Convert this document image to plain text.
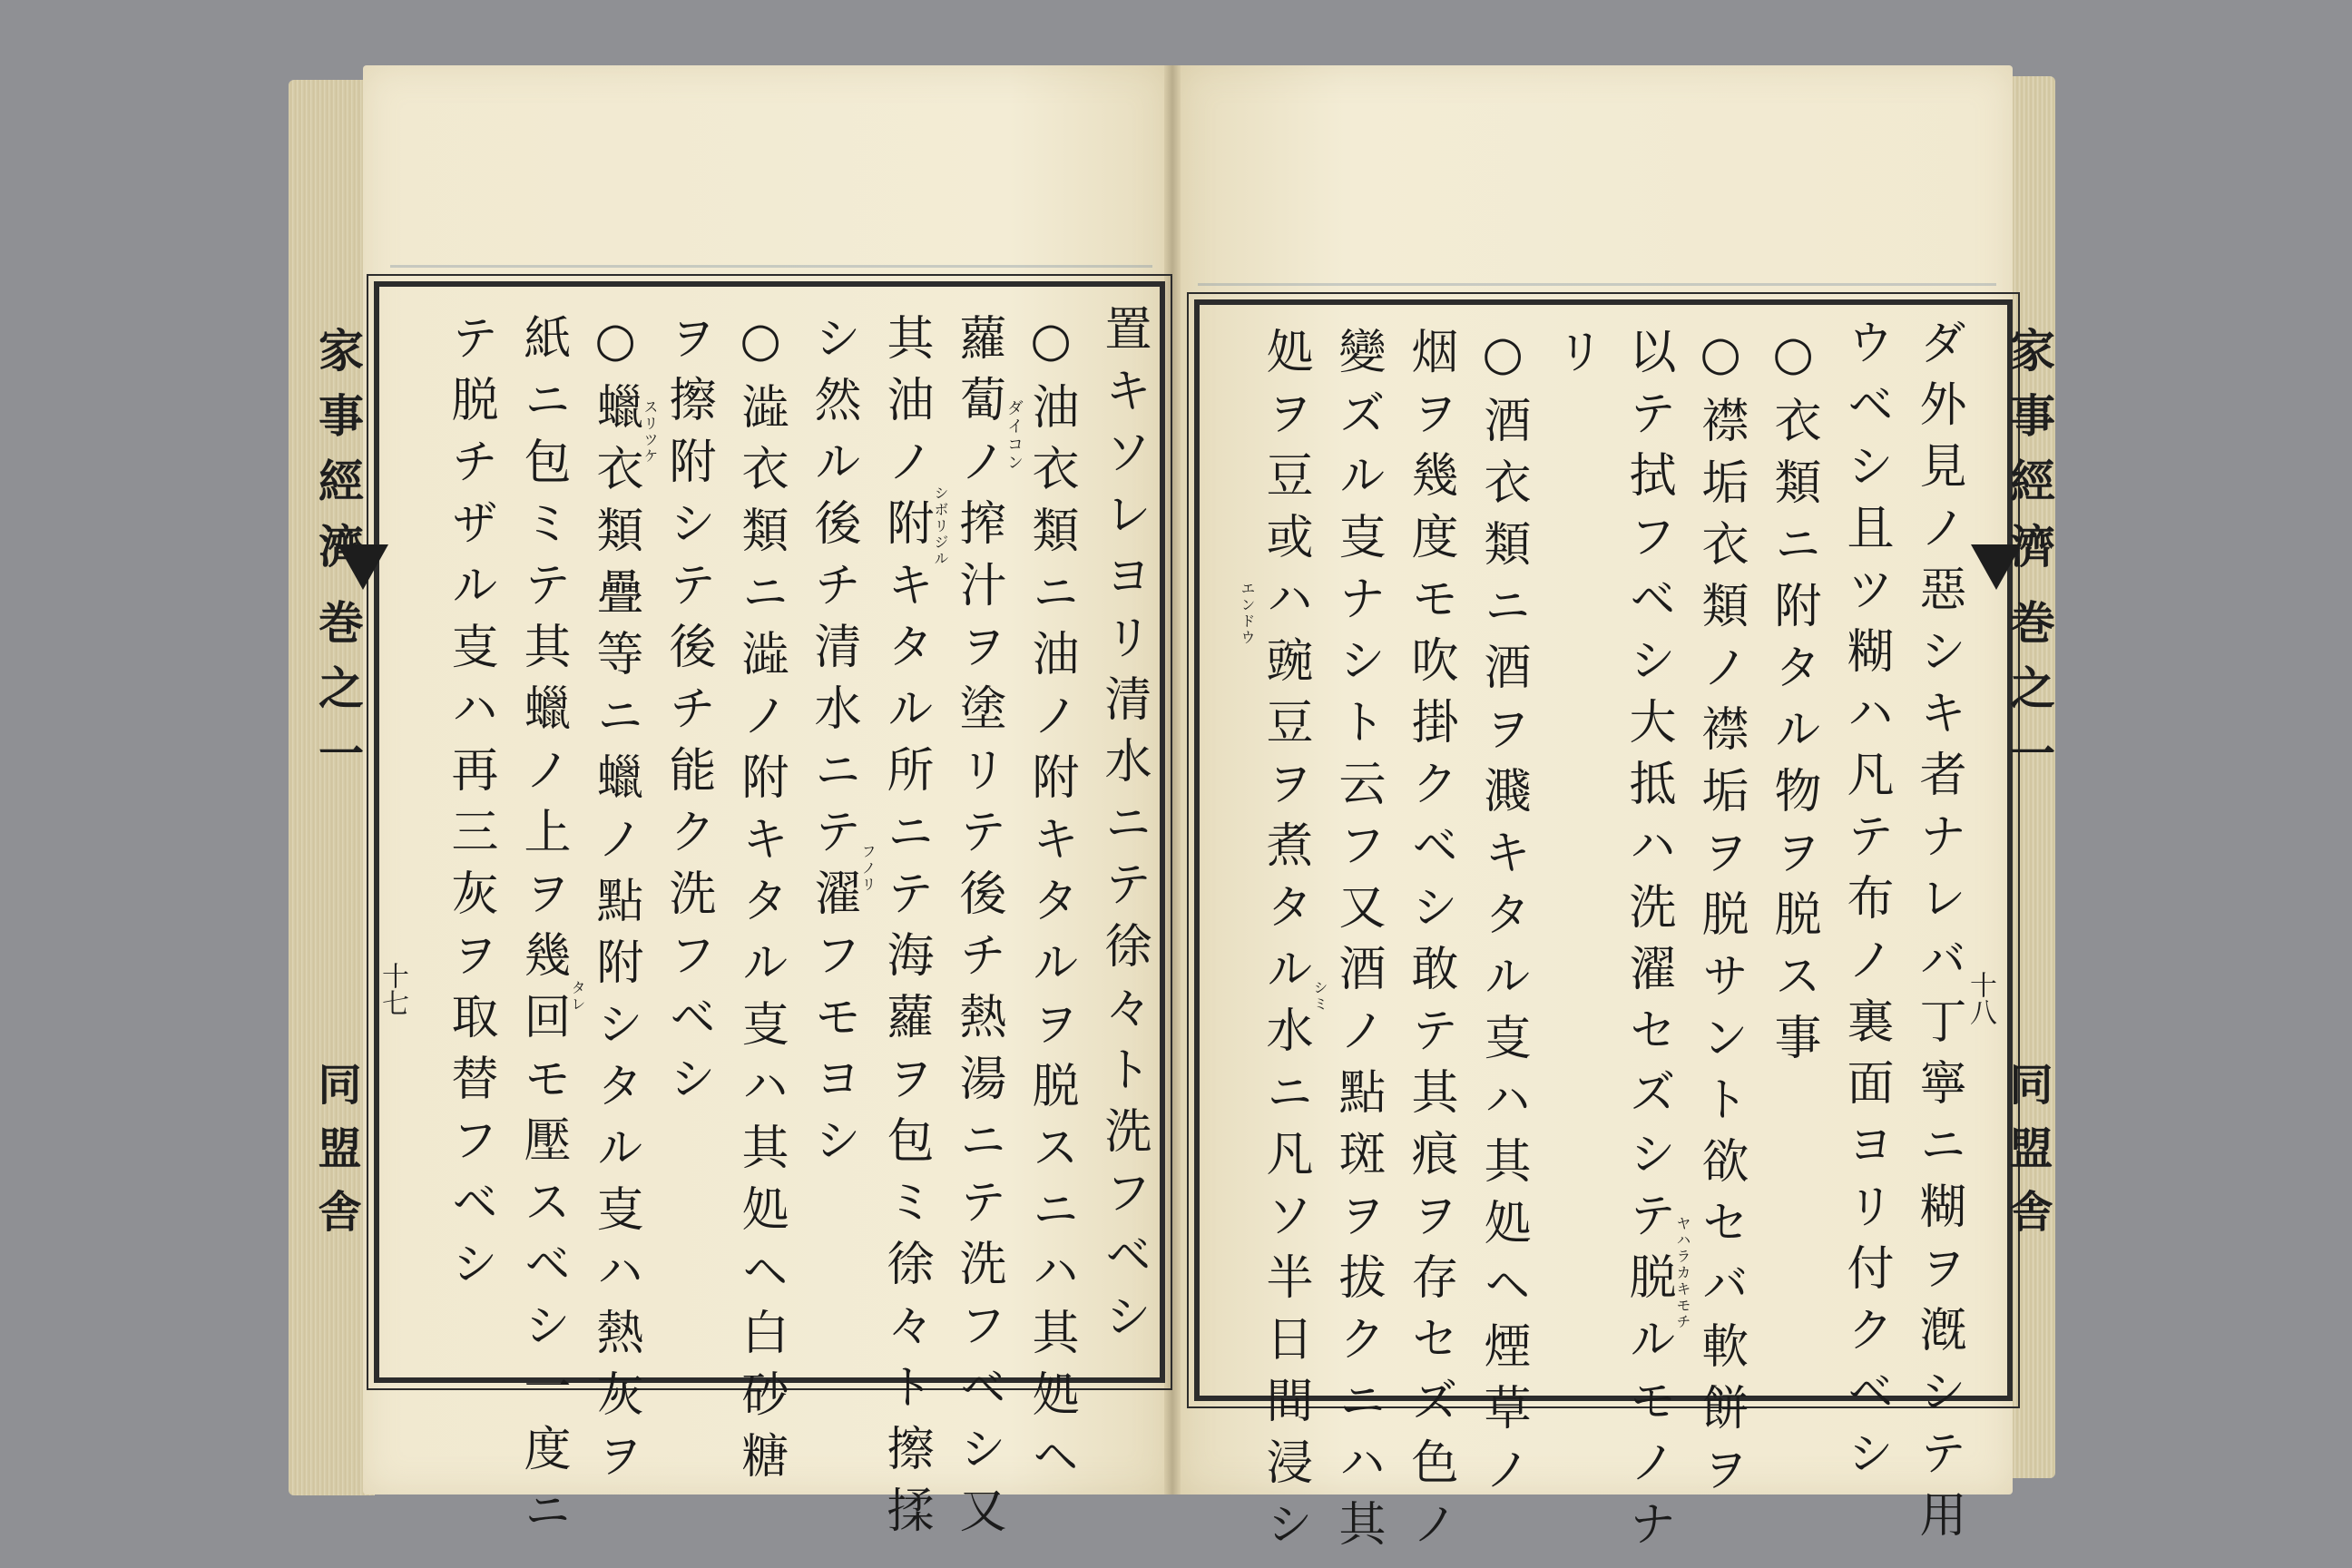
家事經濟
巻之一
十七
同盟舎	置キソレヨリ清水ニテ徐々ト洗フベシ
○油衣類ニ油ノ附キタルヲ脱スニハ其処ヘ
蘿蔔ノ搾汁ヲ塗リテ後チ熱湯ニテ洗フベシ又
其油ノ附キタル所ニテ海蘿ヲ包ミ徐々ト擦揉
シ然ル後チ清水ニテ濯フモヨシ
○澁衣類ニ澁ノ附キタル㕝ハ其処ヘ白砂糖
ヲ擦附シテ後チ能ク洗フベシ
○蠟衣類疊等ニ蠟ノ點附シタル㕝ハ熱灰ヲ
紙ニ包ミテ其蠟ノ上ヲ幾回モ壓スベシ一度ニ
テ脱チザル㕝ハ再三灰ヲ取替フベシ	ダイコン
シボリジル
フノリ
スリツケ
タレ
家事經濟
巻之一
十八
同盟舎
ダ外見ノ惡シキ者ナレバ丁寧ニ糊ヲ漑シテ用
ウベシ且ツ糊ハ凡テ布ノ裏面ヨリ付クベシ
○衣類ニ附タル物ヲ脱ス事
○襟垢衣類ノ襟垢ヲ脱サント欲セバ軟餅ヲ
以テ拭フベシ大抵ハ洗濯セズシテ脱ルモノナ
リ
○酒衣類ニ酒ヲ濺キタル㕝ハ其処ヘ煙草ノ
烟ヲ幾度モ吹掛クベシ敢テ其痕ヲ存セズ色ノ
變ズル㕝ナシト云フ又酒ノ點斑ヲ拔クニハ其
処ヲ豆或ハ豌豆ヲ煮タル水ニ凡ソ半日間浸シ	ヤハラカキモチ
シミ
エンドウ
